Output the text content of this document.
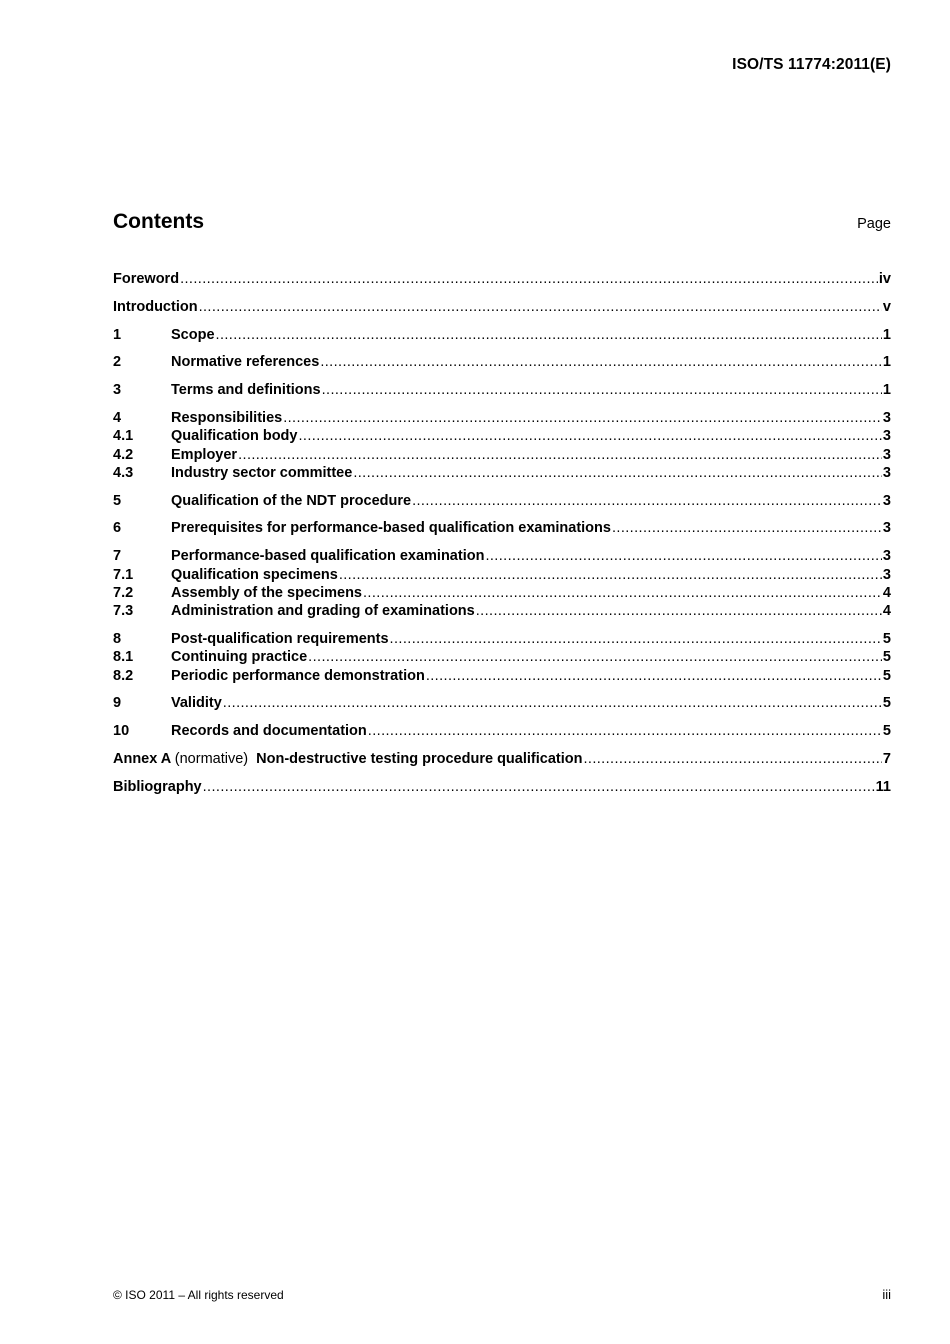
ISO/TS 11774:2011(E)
Contents	Page
Foreword .....	iv
Introduction .....	v
1	Scope .....	1
2	Normative references .....	1
3	Terms and definitions .....	1
4	Responsibilities .....	3
4.1	Qualification body .....	3
4.2	Employer .....	3
4.3	Industry sector committee .....	3
5	Qualification of the NDT procedure .....	3
6	Prerequisites for performance-based qualification examinations .....	3
7	Performance-based qualification examination .....	3
7.1	Qualification specimens .....	3
7.2	Assembly of the specimens .....	4
7.3	Administration and grading of examinations .....	4
8	Post-qualification requirements .....	5
8.1	Continuing practice .....	5
8.2	Periodic performance demonstration .....	5
9	Validity .....	5
10	Records and documentation .....	5
Annex A (normative) Non-destructive testing procedure qualification .....	7
Bibliography .....	11
© ISO 2011 – All rights reserved	iii
